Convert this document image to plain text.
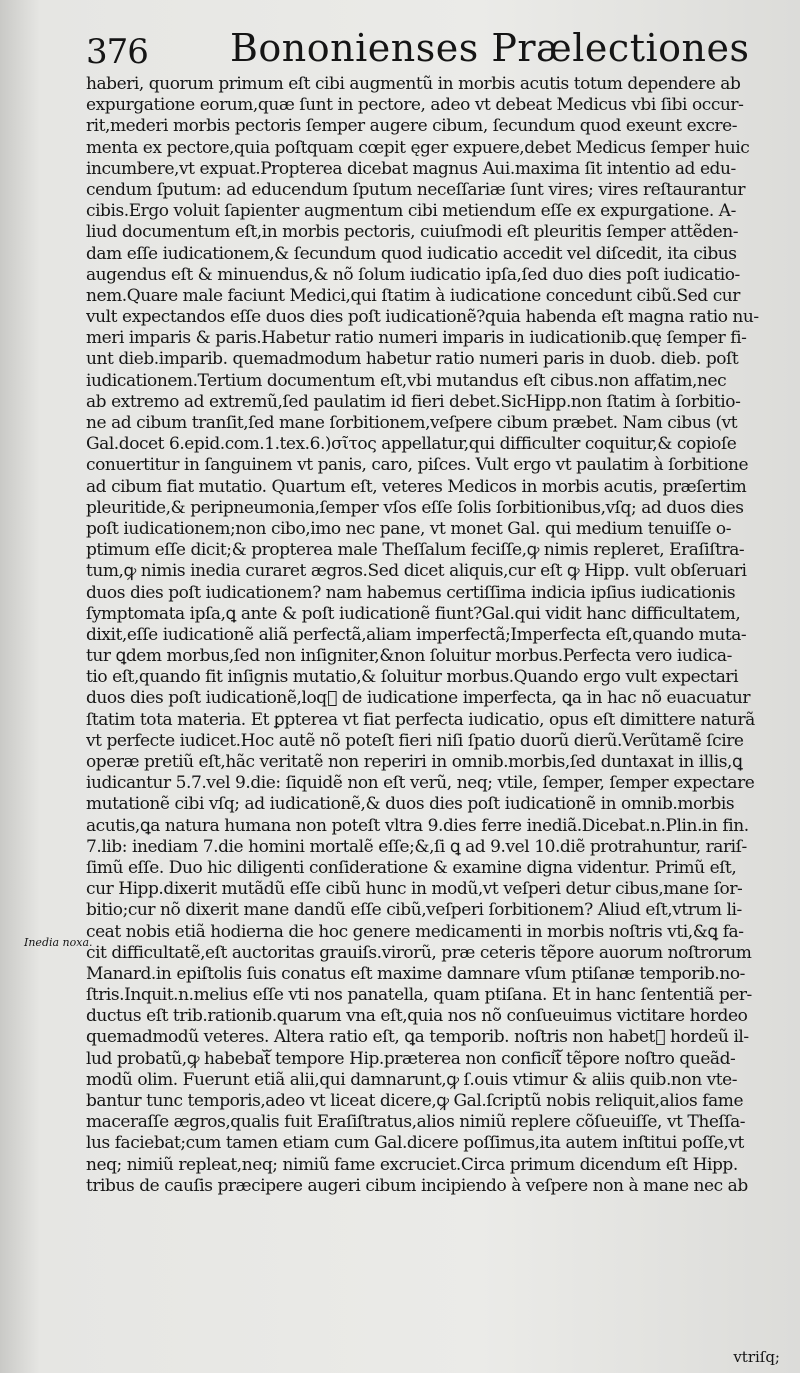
376 Bononienses Prælectiones
haberi, quorum primum eſt cibi augmentũ in morbis acutis totum dependere ab
expurgatione eorum,quæ ſunt in pectore, adeo vt debeat Medicus vbi ſibi occur-
rit,mederi morbis pectoris ſemper augere cibum, ſecundum quod exeunt excre-
menta ex pectore,quia poſtquam cœpit ęger expuere,debet Medicus ſemper huic
incumbere,vt expuat.Propterea dicebat magnus Aui.maxima ſit intentio ad edu-
cendum ſputum: ad educendum ſputum neceſſariæ ſunt vires; vires reſtaurantur
cibis.Ergo voluit ſapienter augmentum cibi metiendum eſſe ex expurgatione. A-
liud documentum eſt,in morbis pectoris, cuiuſmodi eſt pleuritis ſemper attẽden-
dam eſſe iudicationem,& ſecundum quod iudicatio accedit vel diſcedit, ita cibus
augendus eſt & minuendus,& nõ ſolum iudicatio ipſa,ſed duo dies poſt iudicatio-
nem.Quare male faciunt Medici,qui ſtatim à iudicatione concedunt cibũ.Sed cur
vult expectandos eſſe duos dies poſt iudicationẽ?quia habenda eſt magna ratio nu-
meri imparis & paris.Habetur ratio numeri imparis in iudicationib.quę ſemper fi-
unt dieb.imparib. quemadmodum habetur ratio numeri paris in duob. dieb. poſt
iudicationem.Tertium documentum eſt,vbi mutandus eſt cibus.non affatim,nec
ab extremo ad extremũ,ſed paulatim id fieri debet.SicHipp.non ſtatim à ſorbitio-
ne ad cibum tranſit,ſed mane ſorbitionem,veſpere cibum præbet. Nam cibus (vt
Gal.docet 6.epid.com.1.tex.6.)σῖτος appellatur,qui difficulter coquitur,& copioſe
conuertitur in ſanguinem vt panis, caro, piſces. Vult ergo vt paulatim à ſorbitione
ad cibum fiat mutatio. Quartum eſt, veteres Medicos in morbis acutis, præſertim
pleuritide,& peripneumonia,ſemper vſos eſſe ſolis ſorbitionibus,vſq; ad duos dies
poſt iudicationem;non cibo,imo nec pane, vt monet Gal. qui medium tenuiſſe o-
ptimum eſſe dicit;& propterea male Theſſalum feciſſe,ꝙ nimis repleret, Eraſiſtra-
tum,ꝙ nimis inedia curaret ægros.Sed dicet aliquis,cur eſt ꝙ Hipp. vult obſeruari
duos dies poſt iudicationem? nam habemus certiſſima indicia ipſius iudicationis
ſymptomata ipſa,ꝗ ante & poſt iudicationẽ fiunt?Gal.qui vidit hanc difficultatem,
dixit,eſſe iudicationẽ aliã perfectã,aliam imperfectã;Imperfecta eſt,quando muta-
tur ꝗdem morbus,ſed non inſigniter,&non ſoluitur morbus.Perfecta vero iudica-
tio eſt,quando fit inſignis mutatio,& ſoluitur morbus.Quando ergo vult expectari
duos dies poſt iudicationẽ,loqᷓ de iudicatione imperfecta, ꝗa in hac nõ euacuatur
ſtatim tota materia. Et ꝑpterea vt fiat perfecta iudicatio, opus eſt dimittere naturã
vt perfecte iudicet.Hoc autẽ nõ poteſt fieri niſi ſpatio duorũ dierũ.Verũtamẽ ſcire
operæ pretiũ eſt,hãc veritatẽ non reperiri in omnib.morbis,ſed duntaxat in illis,ꝗ
iudicantur 5.7.vel 9.die: ſiquidẽ non eſt verũ, neq; vtile, ſemper, ſemper expectare
mutationẽ cibi vſq; ad iudicationẽ,& duos dies poſt iudicationẽ in omnib.morbis
acutis,ꝗa natura humana non poteſt vltra 9.dies ferre inediã.Dicebat.n.Plin.in fin.
7.lib: inediam 7.die homini mortalẽ eſſe;&,ſi ꝗ ad 9.vel 10.diẽ protrahuntur, rariſ-
ſimũ eſſe. Duo hic diligenti conſideratione & examine digna videntur. Primũ eſt,
cur Hipp.dixerit mutãdũ eſſe cibũ hunc in modũ,vt veſperi detur cibus,mane ſor-
bitio;cur nõ dixerit mane dandũ eſſe cibũ,veſperi ſorbitionem? Aliud eſt,vtrum li-
ceat nobis etiã hodierna die hoc genere medicamenti in morbis noſtris vti,&ꝗ fa-
cit difficultatẽ,eſt auctoritas grauiſs.virorũ, præ ceteris tẽpore auorum noſtrorum
Manard.in epiſtolis ſuis conatus eſt maxime damnare vſum ptiſanæ temporib.no-
ſtris.Inquit.n.melius eſſe vti nos panatella, quam ptiſana. Et in hanc ſententiã per-
ductus eſt trib.rationib.quarum vna eſt,quia nos nõ conſueuimus victitare hordeo
quemadmodũ veteres. Altera ratio eſt, ꝗa temporib. noſtris non habetᷓ hordeũ il-
lud probatũ,ꝙ habebatᷓ tempore Hip.præterea non conficitᷓ tẽpore noſtro queãd-
modũ olim. Fuerunt etiã alii,qui damnarunt,ꝙ ſ.ouis vtimur & aliis quib.non vte-
bantur tunc temporis,adeo vt liceat dicere,ꝙ Gal.ſcriptũ nobis reliquit,alios fame
maceraſſe ægros,qualis fuit Eraſiſtratus,alios nimiũ replere cõſueuiſſe, vt Theſſa-
lus faciebat;cum tamen etiam cum Gal.dicere poſſimus,ita autem inſtitui poſſe,vt
neq; nimiũ repleat,neq; nimiũ fame excruciet.Circa primum dicendum eſt Hipp.
tribus de cauſis præcipere augeri cibum incipiendo à veſpere non à mane nec ab
Inedia noxa.
vtriſq;
